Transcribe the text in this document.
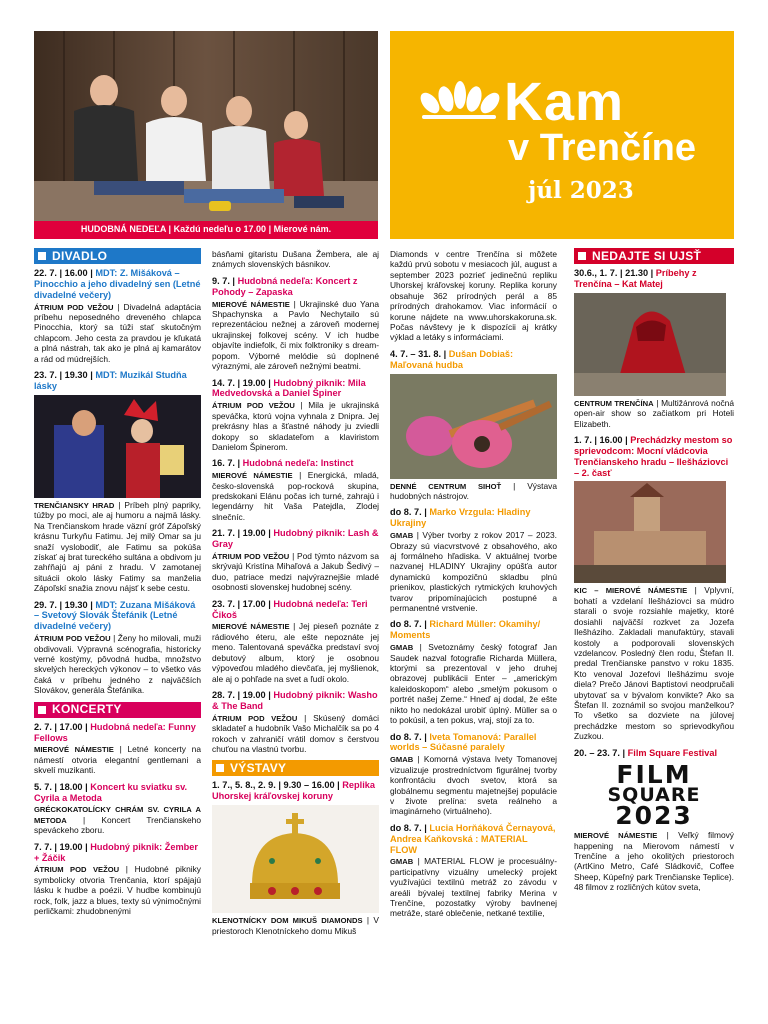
HUDOBNÁ NEDEĽA | Každú nedeľu o 17.00 | Mierové nám.
Kam
v Trenčíne
júl 2023
DIVADLO
22. 7. | 16.00 | MDT: Z. Mišáková – Pinocchio a jeho divadelný sen (Letné divadelné večery)
ÁTRIUM POD VEŽOU | Divadelná adaptácia príbehu neposedného dreveného chlapca Pinocchia, ktorý sa túži stať skutočným chlapcom. Jeho cesta za pravdou je kľukatá a plná nástrah, tak ako je plná aj kamarátov a rád od múdrejších.
23. 7. | 19.30 | MDT: Muzikál Studňa lásky
TRENČIANSKY HRAD | Príbeh plný papriky, túžby po moci, ale aj humoru a najmä lásky. Na Trenčianskom hrade väzní gróf Zápoľský krásnu Turkyňu Fatimu. Jej milý Omar sa ju snaží vyslobodiť, ale Fatimu sa pokúša získať aj brat tureckého sultána a obdivom ju zahŕňajú aj páni z hradu. V zamotanej situácii okolo lásky Fatimy sa manželia Zápoľskí snažia znovu nájsť k sebe cestu.
29. 7. | 19.30 | MDT: Zuzana Mišáková – Svetový Slovák Štefánik (Letné divadelné večery)
ÁTRIUM POD VEŽOU | Ženy ho milovali, muži obdivovali. Výpravná scénografia, historicky verné kostýmy, pôvodná hudba, množstvo skvelých hereckých výkonov – to všetko vás čaká v príbehu jedného z najväčších Slovákov, generála Štefánika.
KONCERTY
2. 7. | 17.00 | Hudobná nedeľa: Funny Fellows
MIEROVÉ NÁMESTIE | Letné koncerty na námestí otvoria elegantní gentlemani a skvelí muzikanti.
5. 7. | 18.00 | Koncert ku sviatku sv. Cyrila a Metoda
GRÉCKOKATOLÍCKY CHRÁM SV. CYRILA A METODA | Koncert Trenčianskeho speváckeho zboru.
7. 7. | 19.00 | Hudobný piknik: Žember + Žáčik
ÁTRIUM POD VEŽOU | Hudobné pikniky symbolicky otvoria Trenčania, ktorí spájajú lásku k hudbe a poézii. V hudbe kombinujú rock, folk, jazz a blues, texty sú výnimočnými perličkami: zhudobnenými
básňami gitaristu Dušana Žembera, ale aj známych slovenských básnikov.
9. 7. | Hudobná nedeľa: Koncert z Pohody – Zapaska
MIEROVÉ NÁMESTIE | Ukrajinské duo Yana Shpachynska a Pavlo Nechytailo sú reprezentáciou nežnej a zároveň modernej ukrajinskej folkovej scény. V ich hudbe objavíte indiefolk, či mix folktroniky s dream-popom. Výborné melódie sú doplnené výraznými, ale zároveň nežnými beatmi.
14. 7. | 19.00 | Hudobný piknik: Mila Medvedovská a Daniel Špiner
ÁTRIUM POD VEŽOU | Mila je ukrajinská speváčka, ktorú vojna vyhnala z Dnipra. Jej prekrásny hlas a šťastné náhody ju zviedli dokopy so skladateľom a klaviristom Danielom Špinerom.
16. 7. | Hudobná nedeľa: Instinct
MIEROVÉ NÁMESTIE | Energická, mladá, česko-slovenská pop-rocková skupina, predskokani Elánu počas ich turné, zahrajú i legendárny hit Vaša Patejdla, Zlodej slnečníc.
21. 7. | 19.00 | Hudobný piknik: Lash & Gray
ÁTRIUM POD VEŽOU | Pod týmto názvom sa skrývajú Kristína Mihaľová a Jakub Šedivý – duo, patriace medzi najvýraznejšie mladé osobnosti slovenskej hudobnej scény.
23. 7. | 17.00 | Hudobná nedeľa: Teri Čikoš
MIEROVÉ NÁMESTIE | Jej pieseň poznáte z rádiového éteru, ale ešte nepoznáte jej meno. Talentovaná speváčka predstaví svoj debutový album, ktorý je osobnou výpoveďou mladého dievčaťa, jej myšlienok, ale aj o pohľade na svet a ľudí okolo.
28. 7. | 19.00 | Hudobný piknik: Washo & The Band
ÁTRIUM POD VEŽOU | Skúsený domáci skladateľ a hudobník Vašo Michalčík sa po 4 rokoch v zahraničí vrátil domov s čerstvou chuťou na vlastnú tvorbu.
VÝSTAVY
1. 7., 5. 8., 2. 9. | 9.30 – 16.00 | Replika Uhorskej kráľovskej koruny
KLENOTNÍCKY DOM MIKUŠ DIAMONDS | V priestoroch Klenotníckeho domu Mikuš
Diamonds v centre Trenčína si môžete každú prvú sobotu v mesiacoch júl, august a september 2023 pozrieť jedinečnú repliku Uhorskej kráľovskej koruny. Replika koruny obsahuje 362 prírodných perál a 85 prírodných drahokamov. Viac informácií o korune nájdete na www.uhorskakoruna.sk. Počas návštevy je k dispozícii aj krátky výklad a letáky s informáciami.
4. 7. – 31. 8. | Dušan Dobiaš: Maľovaná hudba
DENNÉ CENTRUM SIHOŤ | Výstava hudobných nástrojov.
do 8. 7. | Marko Vrzgula: Hladiny Ukrajiny
GMAB | Výber tvorby z rokov 2017 – 2023. Obrazy sú viacvrstvové z obsahového, ako aj formálneho hľadiska. V aktuálnej tvorbe nazvanej HLADINY Ukrajiny opúšťa autor dynamickú kompozičnú skladbu plnú prienikov, plastických rytmických kruhových tvarov pripomínajúcich postupné a permanentné vrstvenie.
do 8. 7. | Richard Müller: Okamihy/ Moments
GMAB | Svetoznámy český fotograf Jan Saudek nazval fotografie Richarda Müllera, ktorými sa prezentoval v jeho druhej obrazovej publikácii Enter – „americkým kaleidoskopom“ alebo „smelým pokusom o portrét našej Zeme.“ Hneď aj dodal, že ešte nikto ho nedokázal urobiť úplný. Müller sa o to pokúsil, a ten pokus, vraj, stojí za to.
do 8. 7. | Iveta Tomanová: Parallel worlds – Súčasné paralely
GMAB | Komorná výstava Ivety Tomanovej vizualizuje prostredníctvom figurálnej tvorby konfrontáciu dvoch svetov, ktorá sa globálnemu segmentu majetnejšej populácie v živote prelína: sveta reálneho a imaginárneho (virtuálneho).
do 8. 7. | Lucia Horňáková Černayová, Andrea Kaňkovská : MATERIAL FLOW
GMAB | MATERIAL FLOW je procesuálny-participatívny vizuálny umelecký projekt využívajúci textilnú metráž zo závodu v areáli bývalej textilnej fabriky Merina v Trenčíne, pozostatky výroby bavlnenej metráže, staré oblečenie, netkané textilie,
NEDAJTE SI UJSŤ
30.6., 1. 7. | 21.30 | Príbehy z Trenčína – Kat Matej
CENTRUM TRENČÍNA | Multižánrová nočná open-air show so začiatkom pri Hoteli Elizabeth.
1. 7. | 16.00 | Prechádzky mestom so sprievodcom: Mocní vládcovia Trenčianskeho hradu – Ilešháziovci – 2. časť
KIC – MIEROVÉ NÁMESTIE | Vplyvní, bohatí a vzdelaní Ilešháziovci sa múdro starali o svoje rozsiahle majetky, ktoré dosiahli najväčší rozkvet za Jozefa Ilešháziho. Zakladali manufaktúry, stavali kostoly a podporovali slovenských vzdelancov. Posledný člen rodu, Štefan II. predal Trenčianske panstvo v roku 1835. Kto venoval Jozefovi Ilešházimu svoje diela? Prečo Jánovi Baptistovi neodpručali ubytovať sa v bývalom konvikte? Ako sa Štefan II. zoznámil so svojou manželkou? To všetko sa dozviete na júlovej prechádzke mestom so sprievodkyňou Zuzkou.
20. – 23. 7. | Film Square Festival
FILM
SQUARE
2023
MIEROVÉ NÁMESTIE | Veľký filmový happening na Mierovom námestí v Trenčíne a jeho okolitých priestoroch (ArtKino Metro, Café Sládkovič, Coffee Sheep, Kúpeľný park Trenčianske Teplice). 48 filmov z rozličných kútov sveta,
